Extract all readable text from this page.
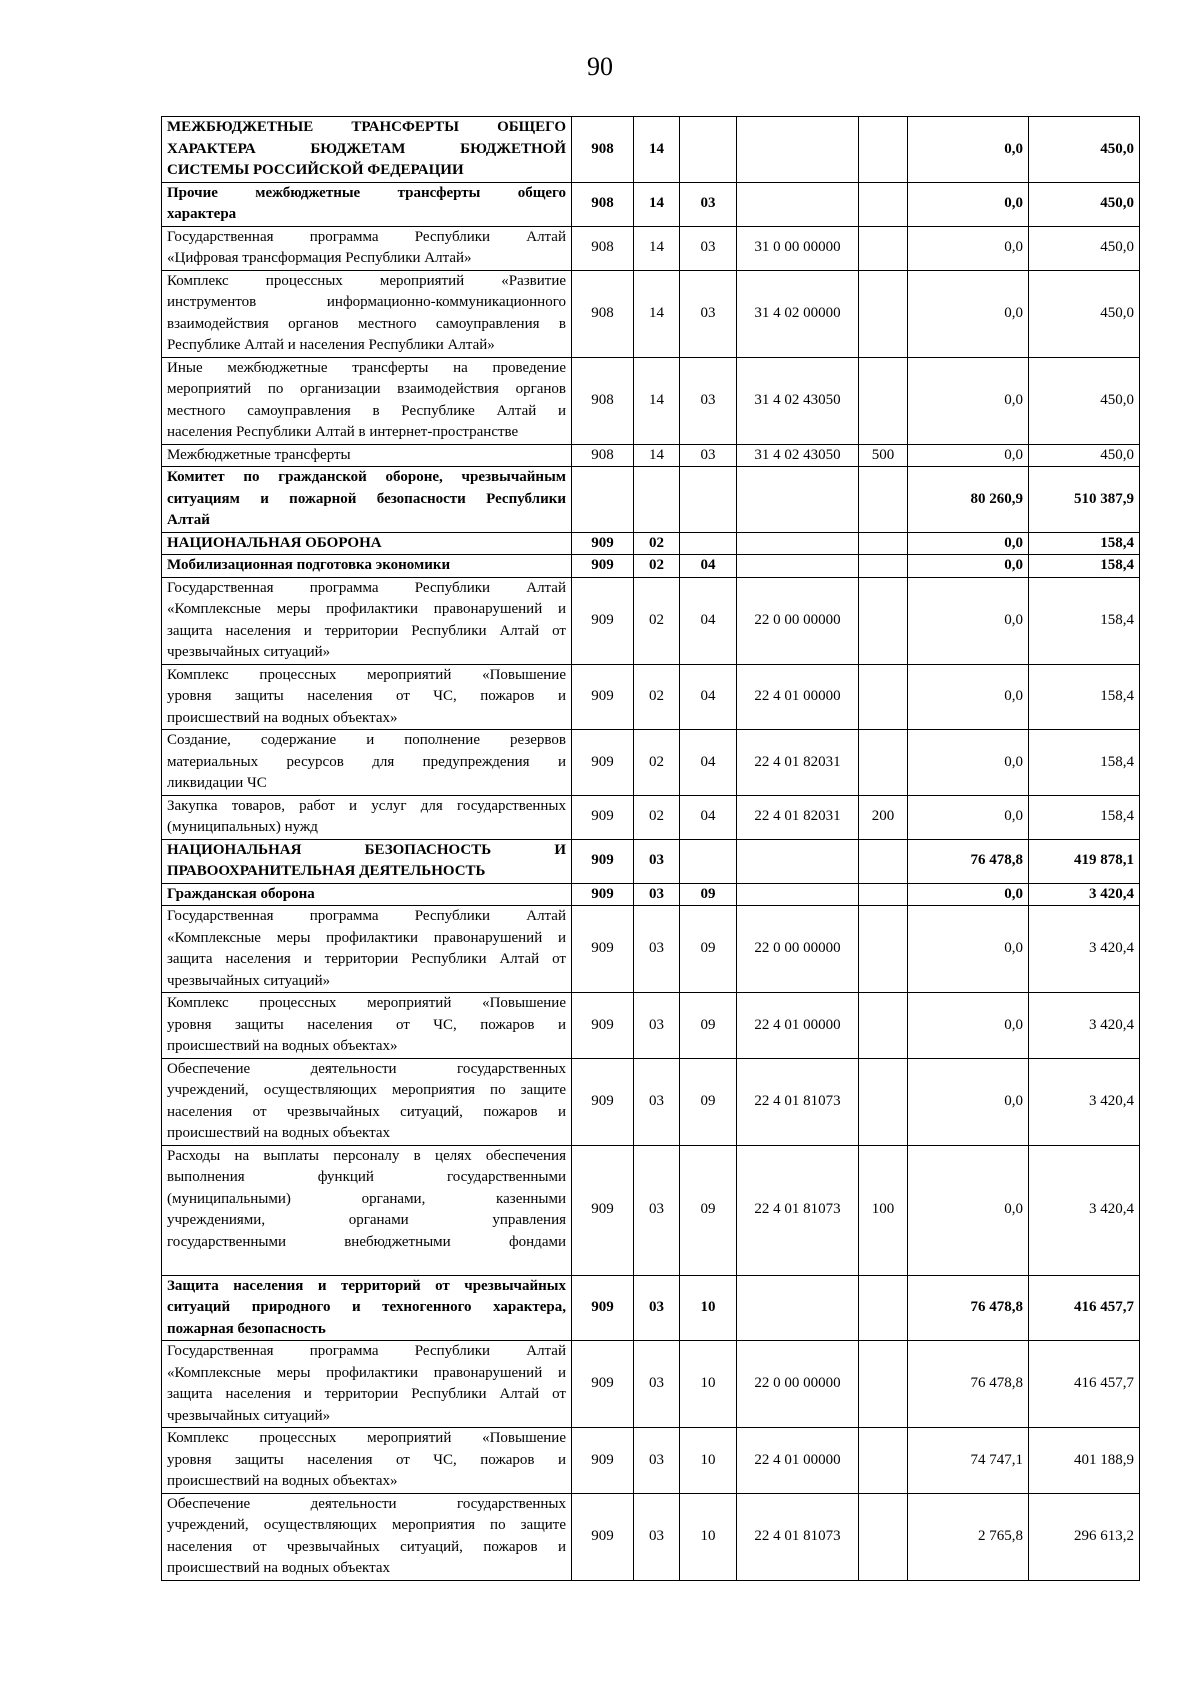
90
МЕЖБЮДЖЕТНЫЕ ТРАНСФЕРТЫ ОБЩЕГО
ХАРАКТЕРА БЮДЖЕТАМ БЮДЖЕТНОЙ
СИСТЕМЫ РОССИЙСКОЙ ФЕДЕРАЦИИ	908	14				0,0	450,0

Прочие межбюджетные трансферты общего
характера	908	14	03			0,0	450,0

Государственная программа Республики Алтай
«Цифровая трансформация Республики Алтай»	908	14	03	31 0 00 00000		0,0	450,0

Комплекс процессных мероприятий «Развитие
инструментов информационно-коммуникационного
взаимодействия органов местного самоуправления в
Республике Алтай и населения Республики Алтай»	908	14	03	31 4 02 00000		0,0	450,0

Иные межбюджетные трансферты на проведение
мероприятий по организации взаимодействия органов
местного самоуправления в Республике Алтай и
населения Республики Алтай в интернет-пространстве	908	14	03	31 4 02 43050		0,0	450,0

Межбюджетные трансферты	908	14	03	31 4 02 43050	500	0,0	450,0

Комитет по гражданской обороне, чрезвычайным
ситуациям и пожарной безопасности Республики
Алтай						80 260,9	510 387,9

НАЦИОНАЛЬНАЯ ОБОРОНА	909	02				0,0	158,4

Мобилизационная подготовка экономики	909	02	04			0,0	158,4

Государственная программа Республики Алтай
«Комплексные меры профилактики правонарушений и
защита населения и территории Республики Алтай от
чрезвычайных ситуаций»	909	02	04	22 0 00 00000		0,0	158,4

Комплекс процессных мероприятий «Повышение
уровня защиты населения от ЧС, пожаров и
происшествий на водных объектах»	909	02	04	22 4 01 00000		0,0	158,4

Создание, содержание и пополнение резервов
материальных ресурсов для предупреждения и
ликвидации ЧС	909	02	04	22 4 01 82031		0,0	158,4

Закупка товаров, работ и услуг для государственных
(муниципальных) нужд	909	02	04	22 4 01 82031	200	0,0	158,4

НАЦИОНАЛЬНАЯ БЕЗОПАСНОСТЬ И
ПРАВООХРАНИТЕЛЬНАЯ ДЕЯТЕЛЬНОСТЬ	909	03				76 478,8	419 878,1

Гражданская оборона	909	03	09			0,0	3 420,4

Государственная программа Республики Алтай
«Комплексные меры профилактики правонарушений и
защита населения и территории Республики Алтай от
чрезвычайных ситуаций»	909	03	09	22 0 00 00000		0,0	3 420,4

Комплекс процессных мероприятий «Повышение
уровня защиты населения от ЧС, пожаров и
происшествий на водных объектах»	909	03	09	22 4 01 00000		0,0	3 420,4

Обеспечение деятельности государственных
учреждений, осуществляющих мероприятия по защите
населения от чрезвычайных ситуаций, пожаров и
происшествий на водных объектах	909	03	09	22 4 01 81073		0,0	3 420,4

Расходы на выплаты персоналу в целях обеспечения
выполнения функций государственными
(муниципальными) органами, казенными
учреждениями, органами управления
государственными внебюджетными фондами	909	03	09	22 4 01 81073	100	0,0	3 420,4

Защита населения и территорий от чрезвычайных
ситуаций природного и техногенного характера,
пожарная безопасность	909	03	10			76 478,8	416 457,7

Государственная программа Республики Алтай
«Комплексные меры профилактики правонарушений и
защита населения и территории Республики Алтай от
чрезвычайных ситуаций»	909	03	10	22 0 00 00000		76 478,8	416 457,7

Комплекс процессных мероприятий «Повышение
уровня защиты населения от ЧС, пожаров и
происшествий на водных объектах»	909	03	10	22 4 01 00000		74 747,1	401 188,9

Обеспечение деятельности государственных
учреждений, осуществляющих мероприятия по защите
населения от чрезвычайных ситуаций, пожаров и
происшествий на водных объектах	909	03	10	22 4 01 81073		2 765,8	296 613,2
